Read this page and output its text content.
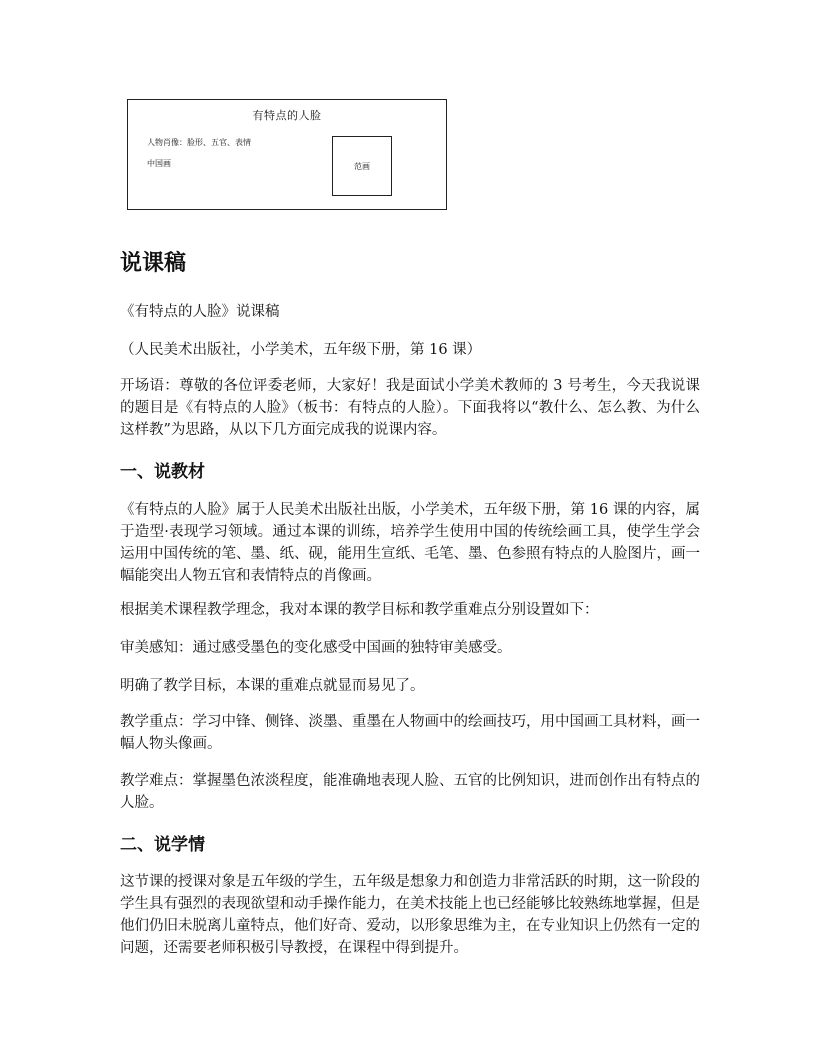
有特点的人脸
人物肖像：脸形、五官、表情
中国画	范画
说课稿

《有特点的人脸》说课稿

（人民美术出版社，小学美术，五年级下册，第 16 课）

开场语：尊敬的各位评委老师，大家好！我是面试小学美术教师的 3 号考生，今天我说课的题目是《有特点的人脸》（板书：有特点的人脸）。下面我将以“教什么、怎么教、为什么这样教”为思路，从以下几方面完成我的说课内容。

一、说教材

《有特点的人脸》属于人民美术出版社出版，小学美术，五年级下册，第 16 课的内容，属于造型·表现学习领域。通过本课的训练，培养学生使用中国的传统绘画工具，使学生学会运用中国传统的笔、墨、纸、砚，能用生宣纸、毛笔、墨、色参照有特点的人脸图片，画一幅能突出人物五官和表情特点的肖像画。

根据美术课程教学理念，我对本课的教学目标和教学重难点分别设置如下：

审美感知：通过感受墨色的变化感受中国画的独特审美感受。

明确了教学目标，本课的重难点就显而易见了。

教学重点：学习中锋、侧锋、淡墨、重墨在人物画中的绘画技巧，用中国画工具材料，画一幅人物头像画。

教学难点：掌握墨色浓淡程度，能准确地表现人脸、五官的比例知识，进而创作出有特点的人脸。

二、说学情

这节课的授课对象是五年级的学生，五年级是想象力和创造力非常活跃的时期，这一阶段的学生具有强烈的表现欲望和动手操作能力，在美术技能上也已经能够比较熟练地掌握，但是他们仍旧未脱离儿童特点，他们好奇、爱动，以形象思维为主，在专业知识上仍然有一定的问题，还需要老师积极引导教授，在课程中得到提升。
